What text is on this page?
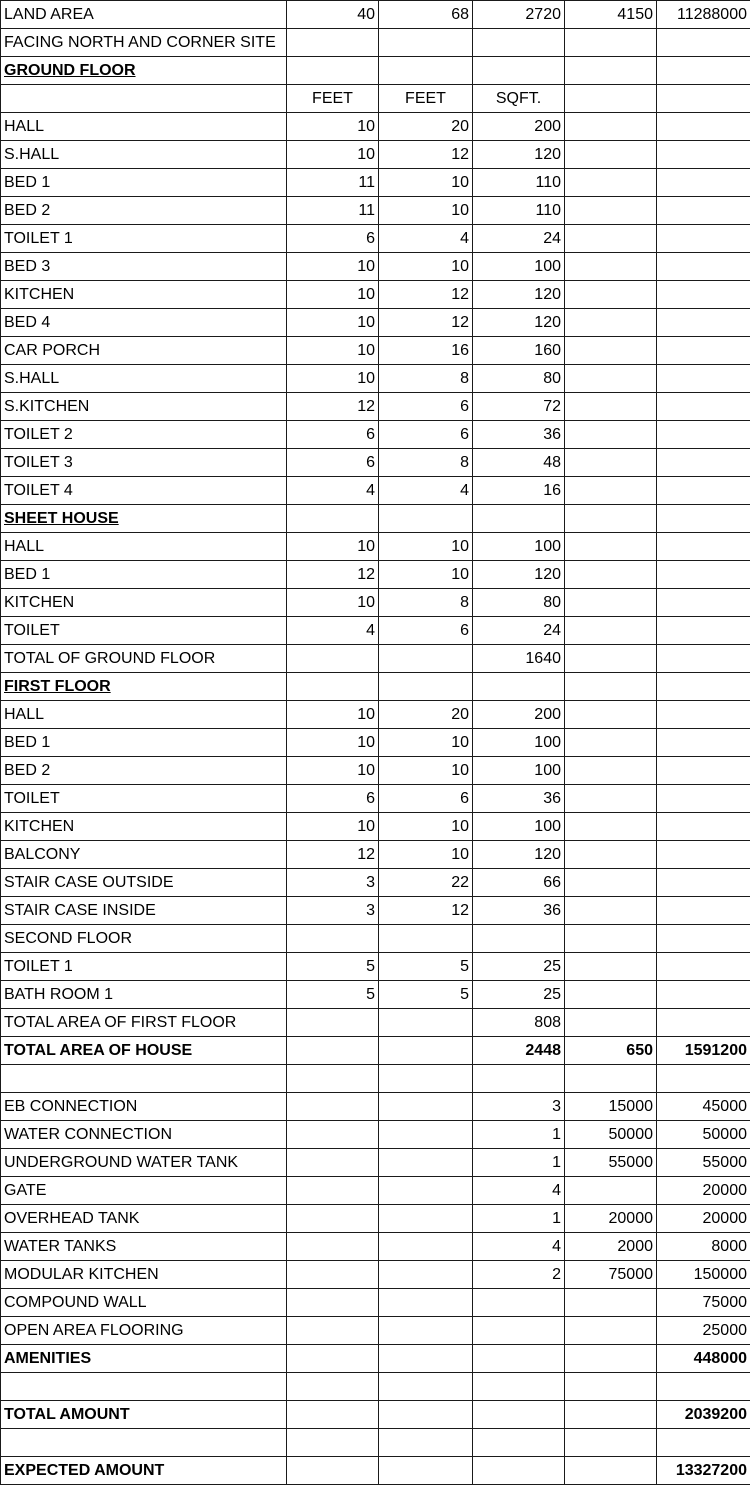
LAND AREA	40	68	2720	4150	11288000
FACING NORTH AND CORNER SITE					
GROUND FLOOR					
	FEET	FEET	SQFT.		
HALL	10	20	200		
S.HALL	10	12	120		
BED 1	11	10	110		
BED 2	11	10	110		
TOILET 1	6	4	24		
BED 3	10	10	100		
KITCHEN	10	12	120		
BED 4	10	12	120		
CAR PORCH	10	16	160		
S.HALL	10	8	80		
S.KITCHEN	12	6	72		
TOILET 2	6	6	36		
TOILET 3	6	8	48		
TOILET 4	4	4	16		
SHEET HOUSE					
HALL	10	10	100		
BED 1	12	10	120		
KITCHEN	10	8	80		
TOILET	4	6	24		
TOTAL OF GROUND FLOOR			1640		
FIRST FLOOR					
HALL	10	20	200		
BED 1	10	10	100		
BED 2	10	10	100		
TOILET	6	6	36		
KITCHEN	10	10	100		
BALCONY	12	10	120		
STAIR CASE OUTSIDE	3	22	66		
STAIR CASE INSIDE	3	12	36		
SECOND FLOOR					
TOILET 1	5	5	25		
BATH ROOM 1	5	5	25		
TOTAL AREA OF FIRST FLOOR			808		
TOTAL AREA OF HOUSE			2448	650	1591200

EB CONNECTION			3	15000	45000
WATER CONNECTION			1	50000	50000
UNDERGROUND WATER TANK			1	55000	55000
GATE			4		20000
OVERHEAD TANK			1	20000	20000
WATER TANKS			4	2000	8000
MODULAR KITCHEN			2	75000	150000
COMPOUND WALL					75000
OPEN AREA FLOORING					25000
AMENITIES					448000

TOTAL AMOUNT					2039200

EXPECTED AMOUNT					13327200
